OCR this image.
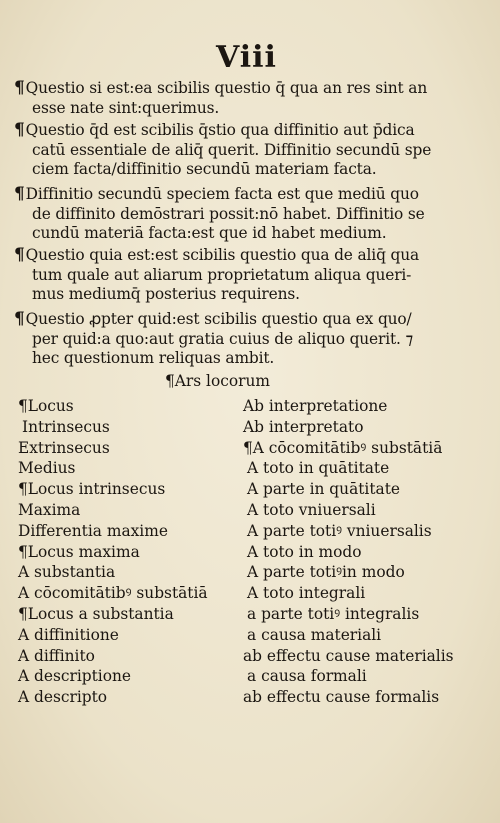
Viii
¶Questio si est:ea scibilis questio q̄ qua an res sint an
esse nate sint:querimus.
¶Questio q̄d est scibilis q̄stio qua diffinitio aut p̄dica
catū essentiale de aliq̄ querit. Diffinitio secundū spe
ciem facta/diffinitio secundū materiam facta.
¶Diffinitio secundū speciem facta est que mediū quo
de diffinito demōstrari possit:nō habet. Diffinitio se
cundū materiā facta:est que id habet medium.
¶Questio quia est:est scibilis questio qua de aliq̄ qua
tum quale aut aliarum proprietatum aliqua queri-
mus mediumq̄ posterius requirens.
¶Questio ꝓpter quid:est scibilis questio qua ex quo/
per quid:a quo:aut gratia cuius de aliquo querit. ⁊
hec questionum reliquas ambit.
¶Ars locorum
¶Locus
Intrinsecus
Extrinsecus
Medius
¶Locus intrinsecus
Maxima
Differentia maxime
¶Locus maxima
A substantia
A cōcomitātibꝰ substātiā
¶Locus a substantia
A diffinitione
A diffinito
A descriptione
A descripto
Ab interpretatione
Ab interpretato
¶A cōcomitātibꝰ substātiā
A toto in quātitate
A parte in quātitate
A toto vniuersali
A parte totiꝰ vniuersalis
A toto in modo
A parte totiꝰin modo
A toto integrali
a parte totiꝰ integralis
a causa materiali
ab effectu cause materialis
a causa formali
ab effectu cause formalis
